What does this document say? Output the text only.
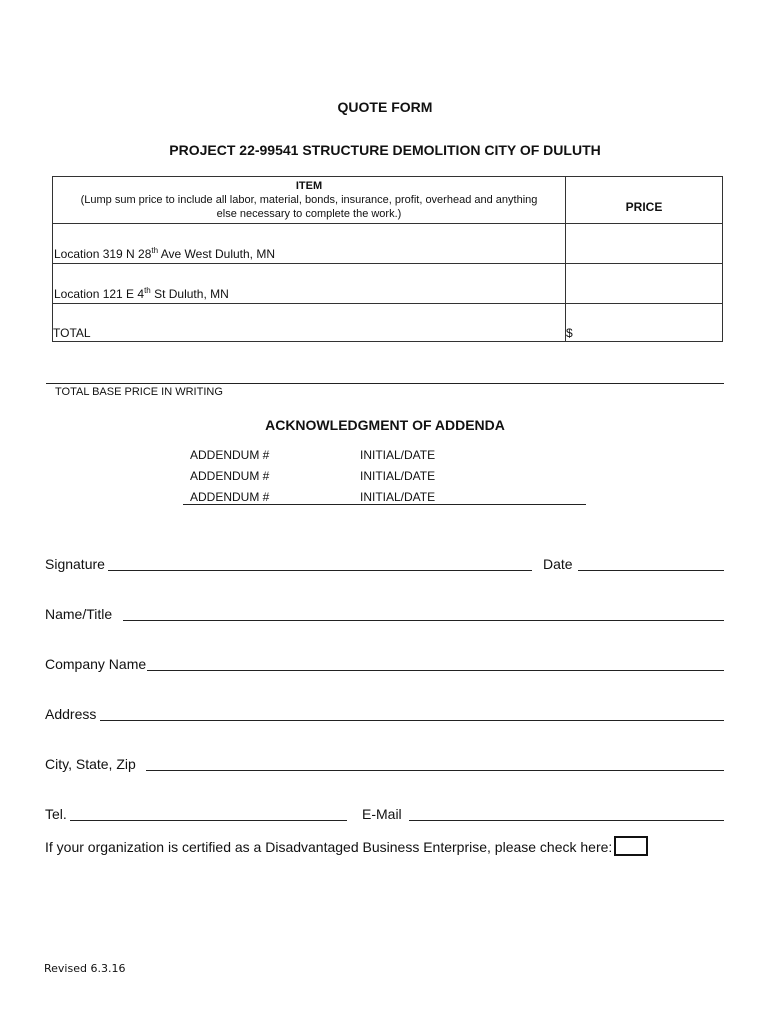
QUOTE FORM
PROJECT 22-99541 STRUCTURE DEMOLITION CITY OF DULUTH
ITEM
(Lump sum price to include all labor, material, bonds, insurance, profit, overhead and anything else necessary to complete the work.)	PRICE
Location 319 N 28th Ave West Duluth, MN	
Location 121 E 4th St Duluth, MN	
TOTAL	$
TOTAL BASE PRICE IN WRITING
ACKNOWLEDGMENT OF ADDENDA
ADDENDUM #	INITIAL/DATE
ADDENDUM #	INITIAL/DATE
ADDENDUM #	INITIAL/DATE
Signature	Date
Name/Title
Company Name
Address
City, State, Zip
Tel.	E-Mail
If your organization is certified as a Disadvantaged Business Enterprise, please check here:
Revised 6.3.16
